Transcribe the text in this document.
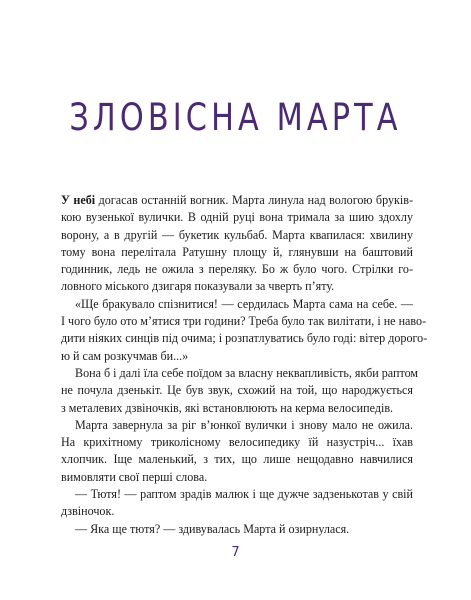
ЗЛОВІСНА МАРТА
У небі догасав останній вогник. Марта линула над вологою бруків-
кою вузенької вулички. В одній руці вона тримала за шию здохлу
ворону, а в другій — букетик кульбаб. Марта квапилася: хвилину
тому вона перелітала Ратушну площу й, глянувши на баштовий
годинник, ледь не ожила з переляку. Бо ж було чого. Стрілки го-
ловного міського дзигаря показували за чверть п’яту.
«Ще бракувало спізнитися! — сердилась Марта сама на себе. —
І чого було ото м’ятися три години? Треба було так вилітати, і не наво-
дити ніяких синців під очима; і розпатлуватись було годі: вітер дорого-
ю й сам розкучмав би...»
Вона б і далі їла себе поїдом за власну неквапливість, якби раптом
не почула дзенькіт. Це був звук, схожий на той, що народжується
з металевих дзвіночків, які встановлюють на керма велосипедів.
Марта завернула за ріг в’юнкої вулички і знову мало не ожила.
На крихітному триколісному велосипедику їй назустріч... їхав
хлопчик. Іще маленький, з тих, що лише нещодавно навчилися
вимовляти свої перші слова.
— Тютя! — раптом зрадів малюк і ще дужче задзенькотав у свій
дзвіночок.
— Яка ще тютя? — здивувалась Марта й озирнулася.
7
